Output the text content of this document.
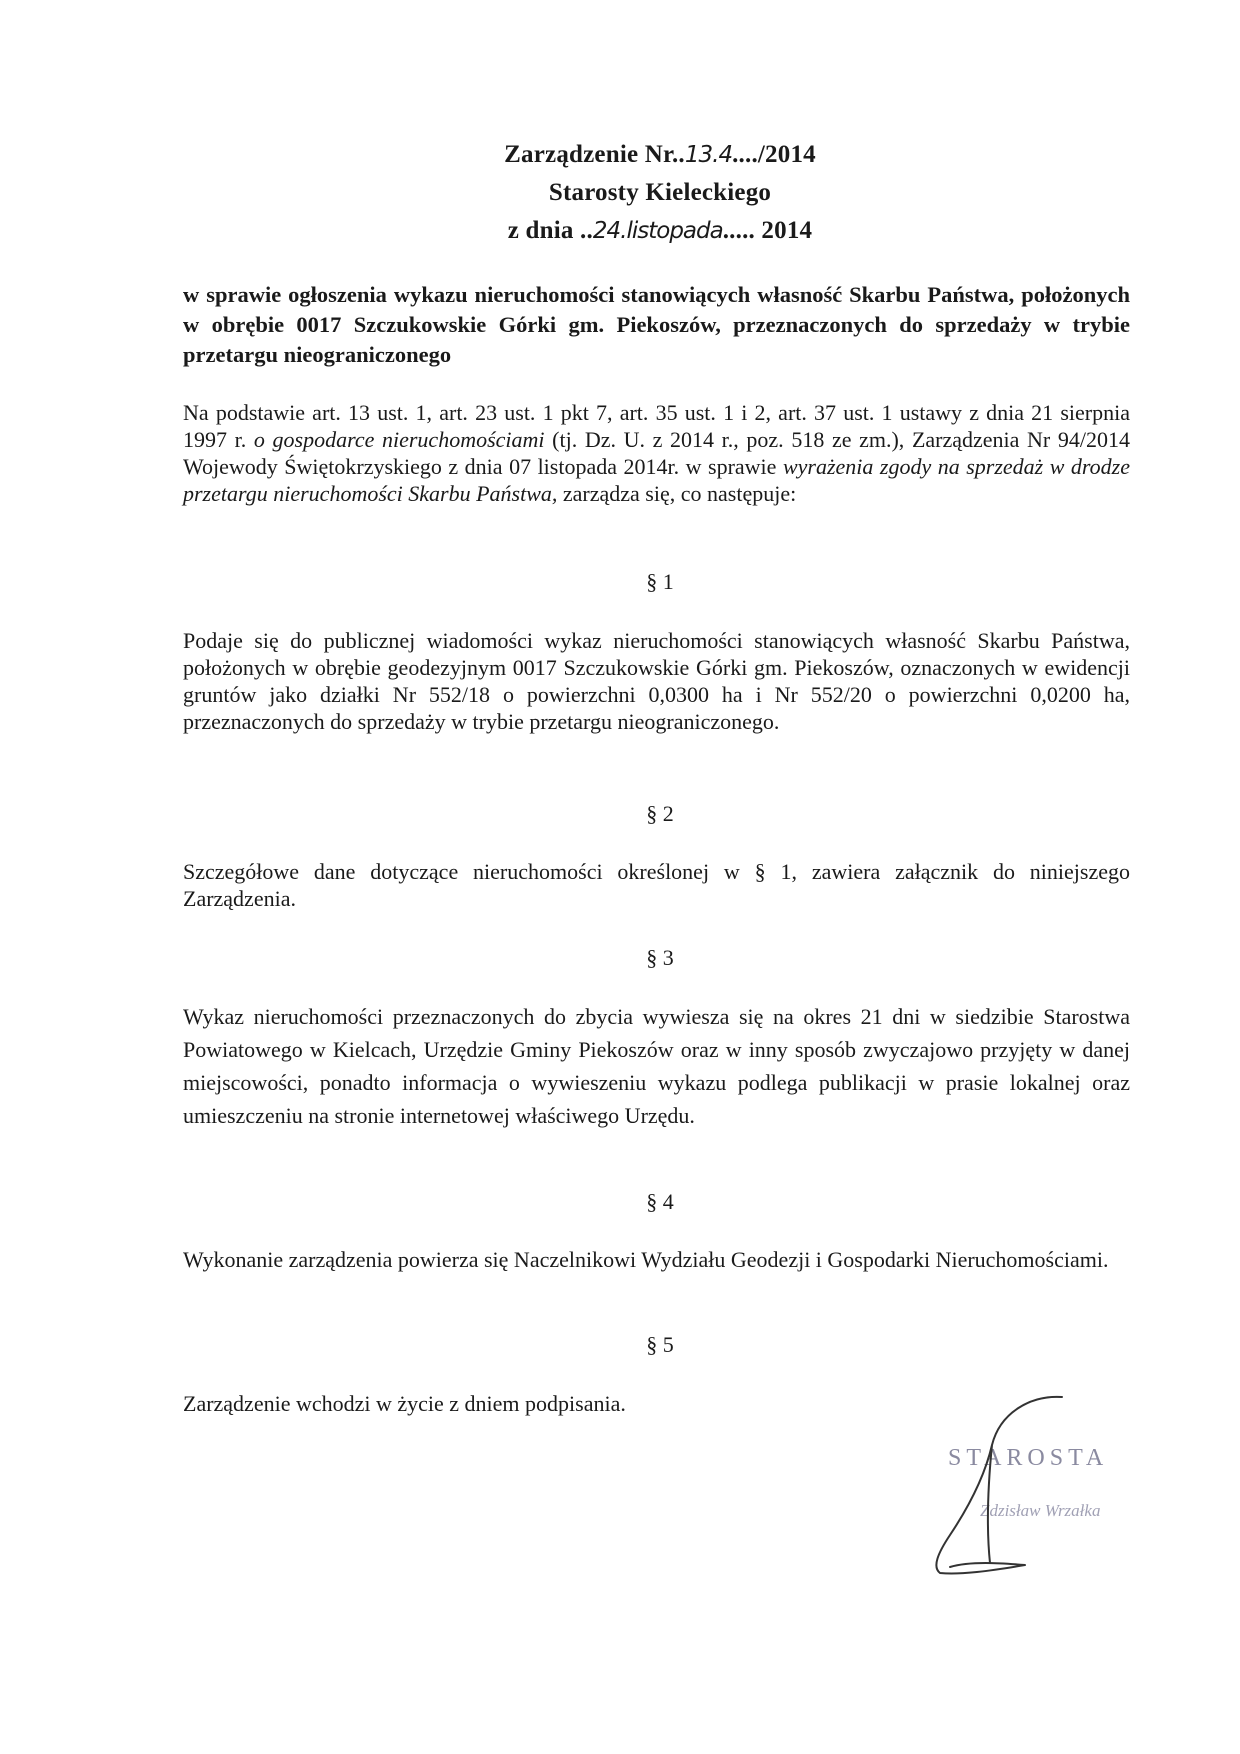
Zarządzenie Nr..13.4..../2014
Starosty Kieleckiego
z dnia ..24.listopada..... 2014
w sprawie ogłoszenia wykazu nieruchomości stanowiących własność Skarbu Państwa, położonych w obrębie 0017 Szczukowskie Górki gm. Piekoszów, przeznaczonych do sprzedaży w trybie przetargu nieograniczonego

Na podstawie art. 13 ust. 1, art. 23 ust. 1 pkt 7, art. 35 ust. 1 i 2, art. 37 ust. 1 ustawy z dnia 21 sierpnia 1997 r. o gospodarce nieruchomościami (tj. Dz. U. z 2014 r., poz. 518 ze zm.), Zarządzenia Nr 94/2014 Wojewody Świętokrzyskiego z dnia 07 listopada 2014r. w sprawie wyrażenia zgody na sprzedaż w drodze przetargu nieruchomości Skarbu Państwa, zarządza się, co następuje:

§ 1
Podaje się do publicznej wiadomości wykaz nieruchomości stanowiących własność Skarbu Państwa, położonych w obrębie geodezyjnym 0017 Szczukowskie Górki gm. Piekoszów, oznaczonych w ewidencji gruntów jako działki Nr 552/18 o powierzchni 0,0300 ha i Nr 552/20 o powierzchni 0,0200 ha, przeznaczonych do sprzedaży w trybie przetargu nieograniczonego.
§ 2
Szczegółowe dane dotyczące nieruchomości określonej w § 1, zawiera załącznik do niniejszego Zarządzenia.
§ 3
Wykaz nieruchomości przeznaczonych do zbycia wywiesza się na okres 21 dni w siedzibie Starostwa Powiatowego w Kielcach, Urzędzie Gminy Piekoszów oraz w inny sposób zwyczajowo przyjęty w danej miejscowości, ponadto informacja o wywieszeniu wykazu podlega publikacji w prasie lokalnej oraz umieszczeniu na stronie internetowej właściwego Urzędu.
§ 4
Wykonanie zarządzenia powierza się Naczelnikowi Wydziału Geodezji i Gospodarki Nieruchomościami.
§ 5
Zarządzenie wchodzi w życie z dniem podpisania.
STAROSTA
Zdzisław Wrzałka
